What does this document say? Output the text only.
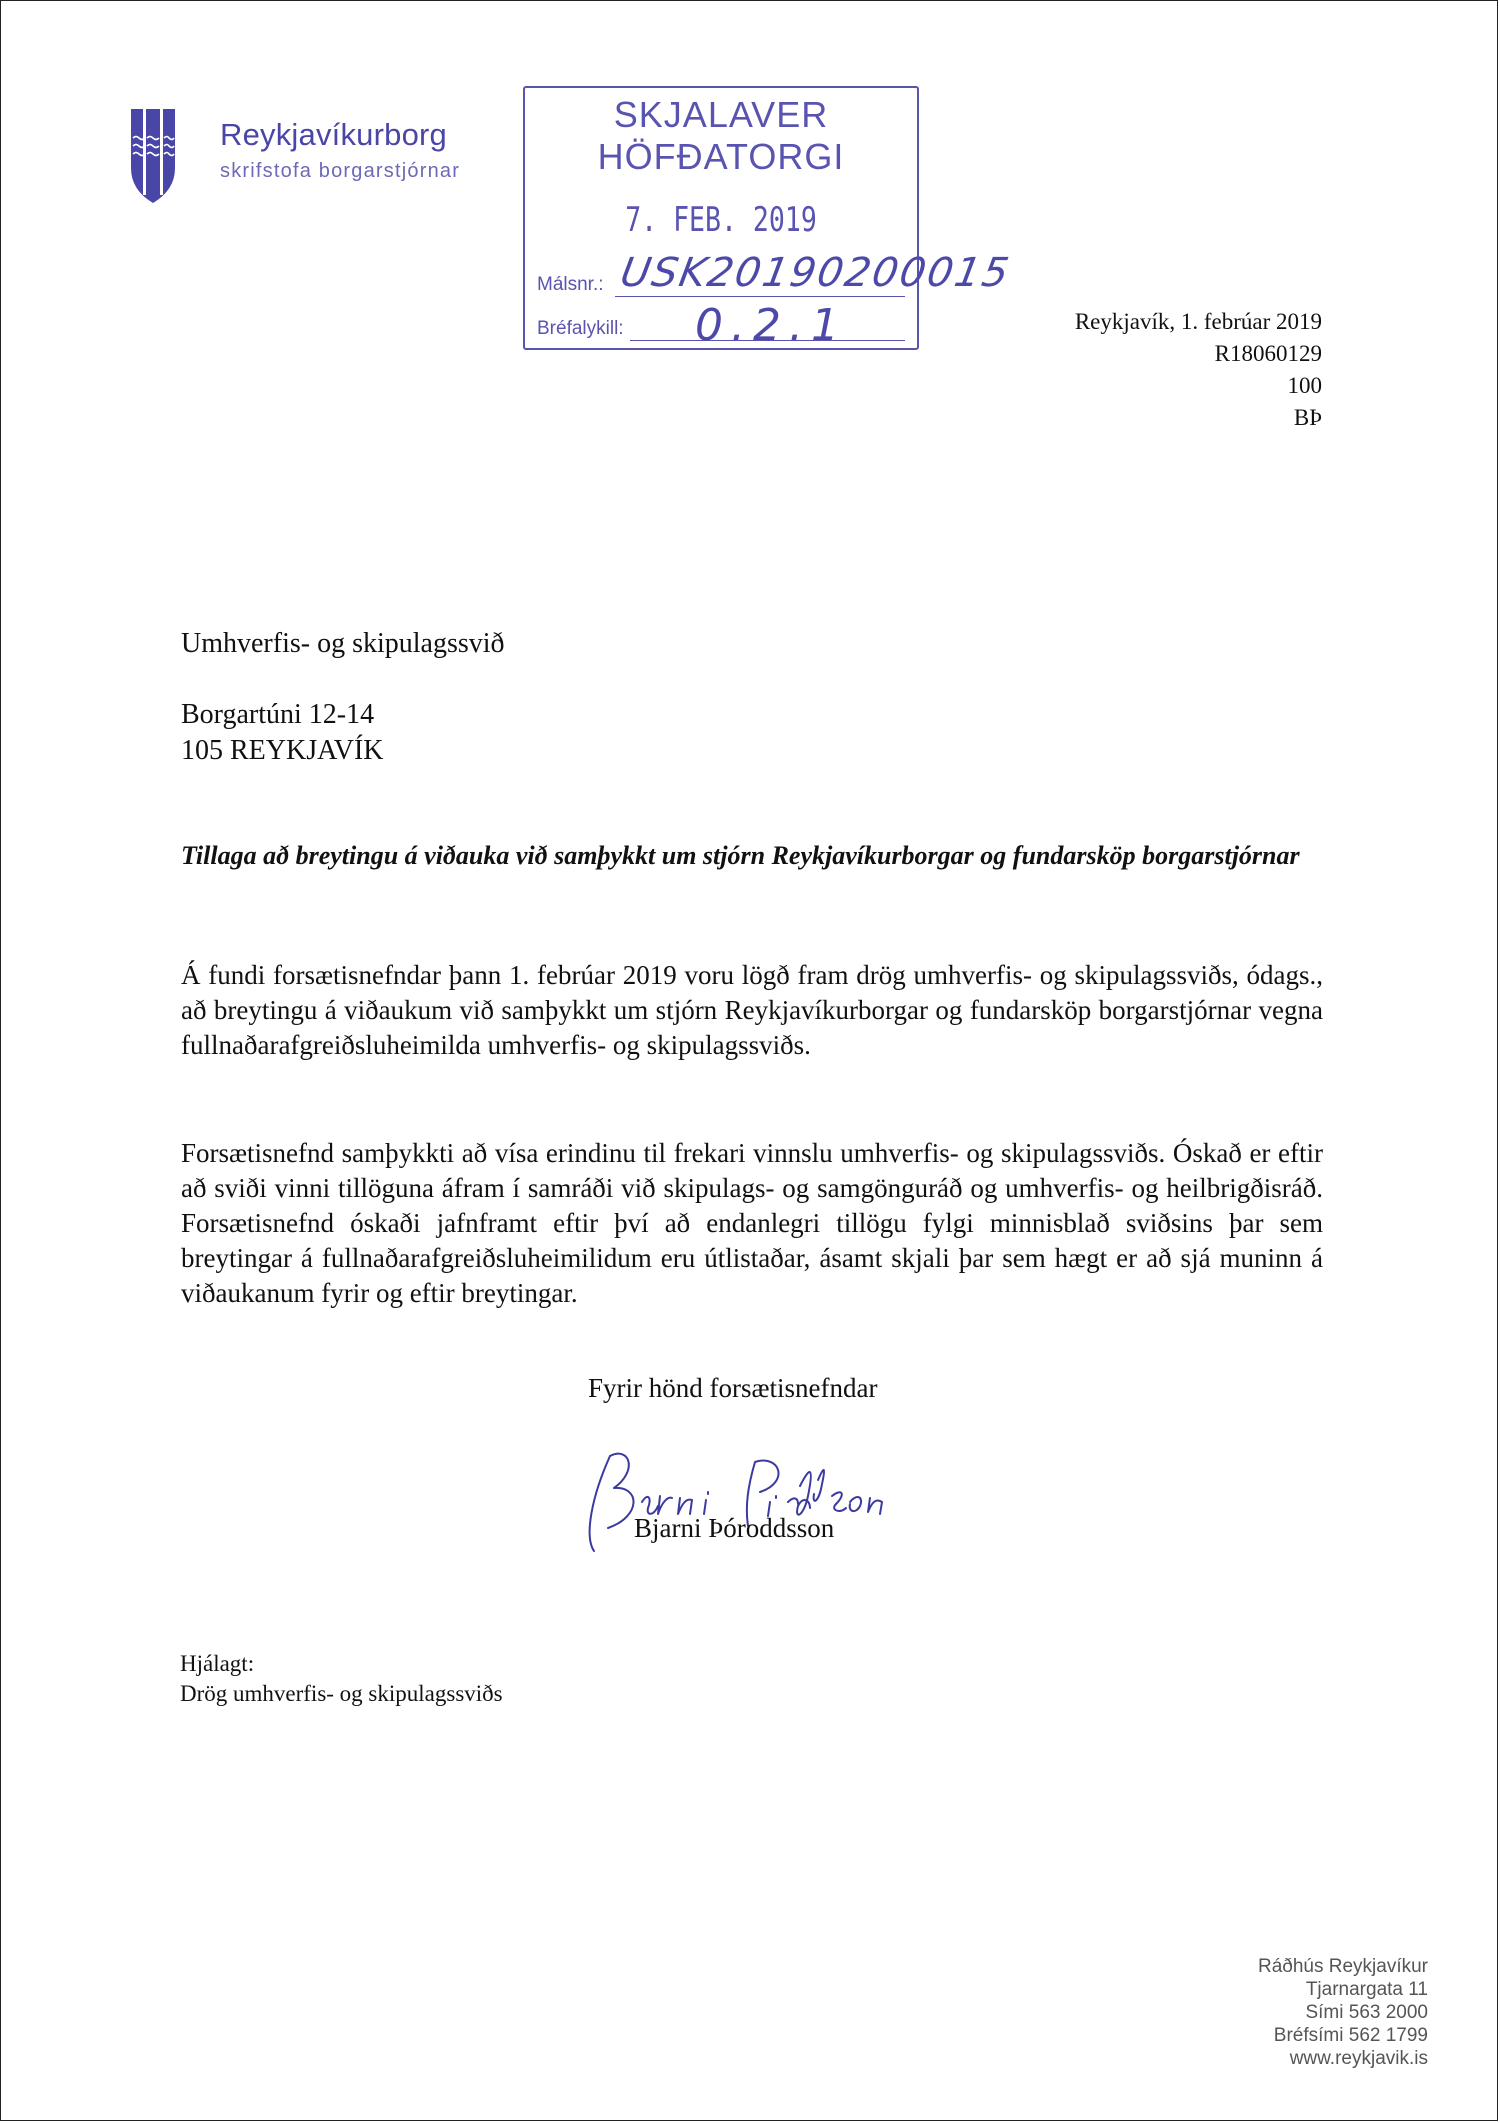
Reykjavíkurborg
skrifstofa borgarstjórnar
SKJALAVER
HÖFÐATORGI
7. FEB. 2019
Málsnr.: USK20190200015
Bréfalykill: 0.2.1	Reykjavík, 1. febrúar 2019
R18060129
100
BÞ
Umhverfis- og skipulagssvið
Borgartúni 12-14
105 REYKJAVÍK
Tillaga að breytingu á viðauka við samþykkt um stjórn Reykjavíkurborgar og fundarsköp borgarstjórnar
Á fundi forsætisnefndar þann 1. febrúar 2019 voru lögð fram drög umhverfis- og skipulagssviðs, ódags., að breytingu á viðaukum við samþykkt um stjórn Reykjavíkurborgar og fundarsköp borgarstjórnar vegna fullnaðarafgreiðsluheimilda umhverfis- og skipulagssviðs.
Forsætisnefnd samþykkti að vísa erindinu til frekari vinnslu umhverfis- og skipulagssviðs. Óskað er eftir að sviði vinni tillöguna áfram í samráði við skipulags- og samgönguráð og umhverfis- og heilbrigðisráð. Forsætisnefnd óskaði jafnframt eftir því að endanlegri tillögu fylgi minnisblað sviðsins þar sem breytingar á fullnaðarafgreiðsluheimilidum eru útlistaðar, ásamt skjali þar sem hægt er að sjá muninn á viðaukanum fyrir og eftir breytingar.
Fyrir hönd forsætisnefndar
Bjarni Þóroddsson
Hjálagt:
Drög umhverfis- og skipulagssviðs
Ráðhús Reykjavíkur
Tjarnargata 11
Sími 563 2000
Bréfsími 562 1799
www.reykjavik.is
